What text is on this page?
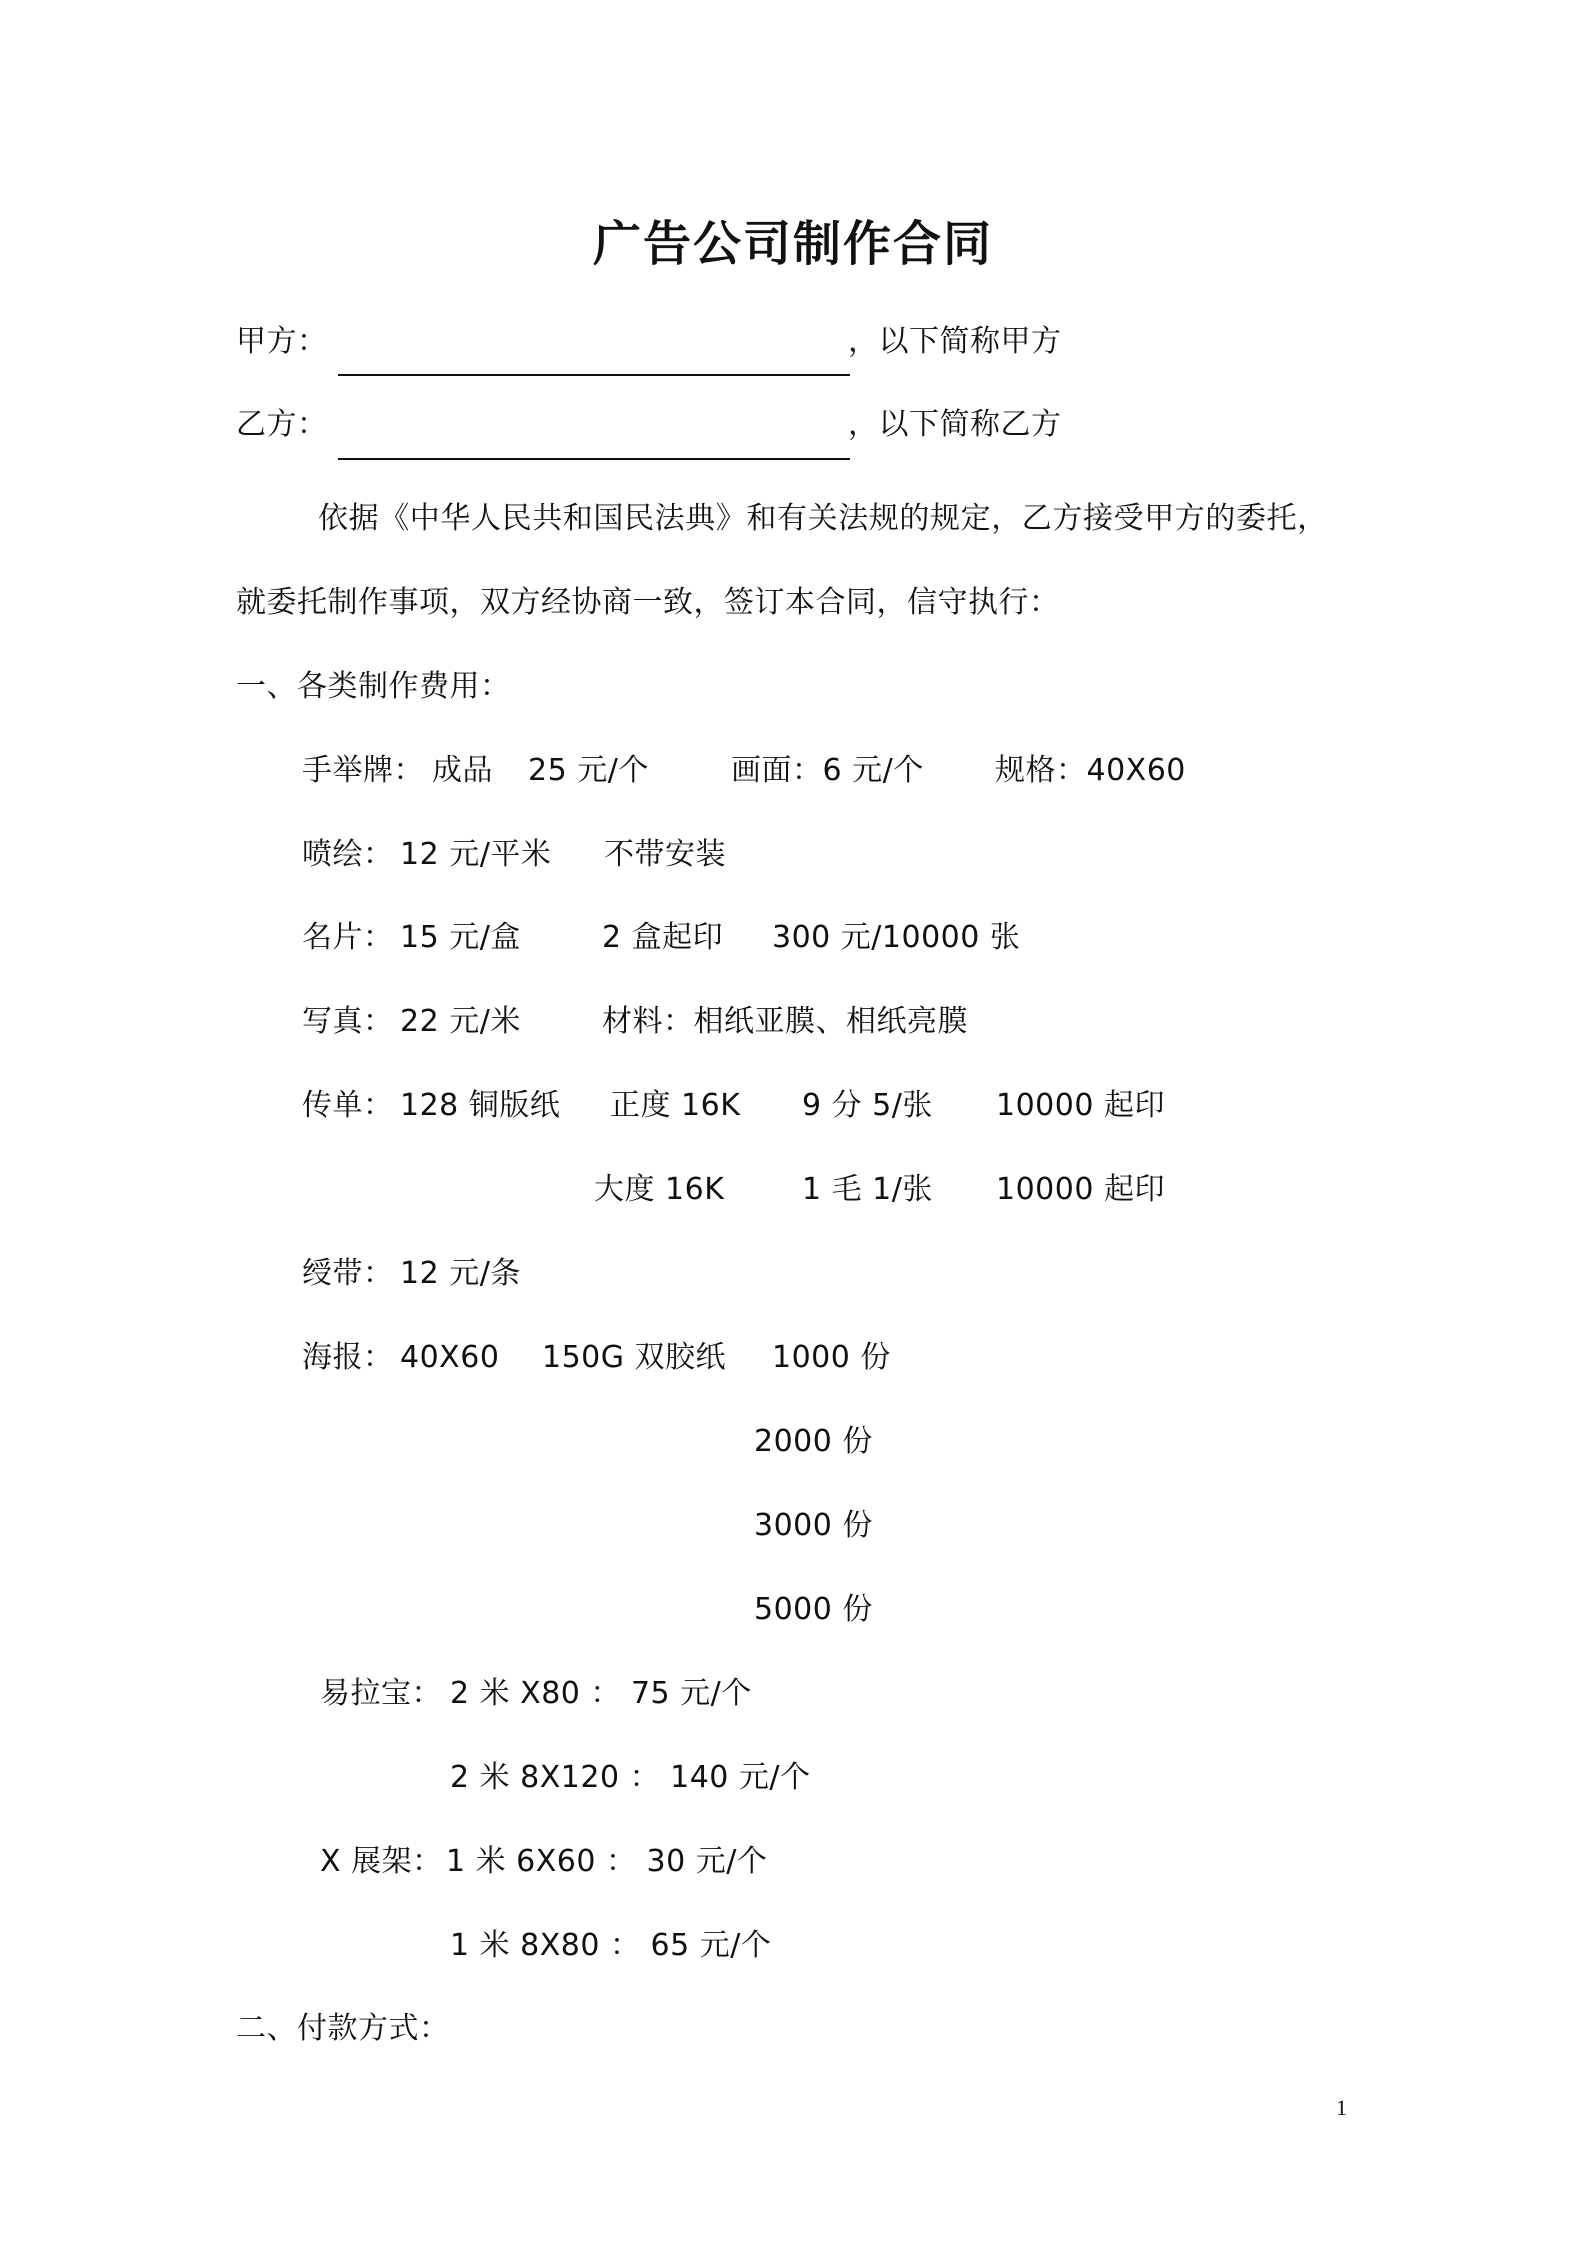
广告公司制作合同
甲方：	，以下简称甲方
乙方：	，以下简称乙方
依据《中华人民共和国民法典》和有关法规的规定，乙方接受甲方的委托，
就委托制作事项，双方经协商一致，签订本合同，信守执行：
一、各类制作费用：
手举牌： 成品 25 元/个	画面：6 元/个 规格：40X60
喷绘： 12 元/平米 不带安装
名片： 15 元/盒	2 盒起印 300 元/10000 张
写真： 22 元/米	材料：相纸亚膜、相纸亮膜
传单： 128 铜版纸 正度 16K 9 分 5/张 10000 起印
大度 16K	1 毛 1/张 10000 起印
绶带： 12 元/条
海报： 40X60 150G 双胶纸 1000 份
2000 份
3000 份
5000 份
易拉宝： 2 米 X80 ： 75 元/个
2 米 8X120 ： 140 元/个
X 展架： 1 米 6X60 ： 30 元/个
1 米 8X80 ： 65 元/个
二、付款方式：
1
